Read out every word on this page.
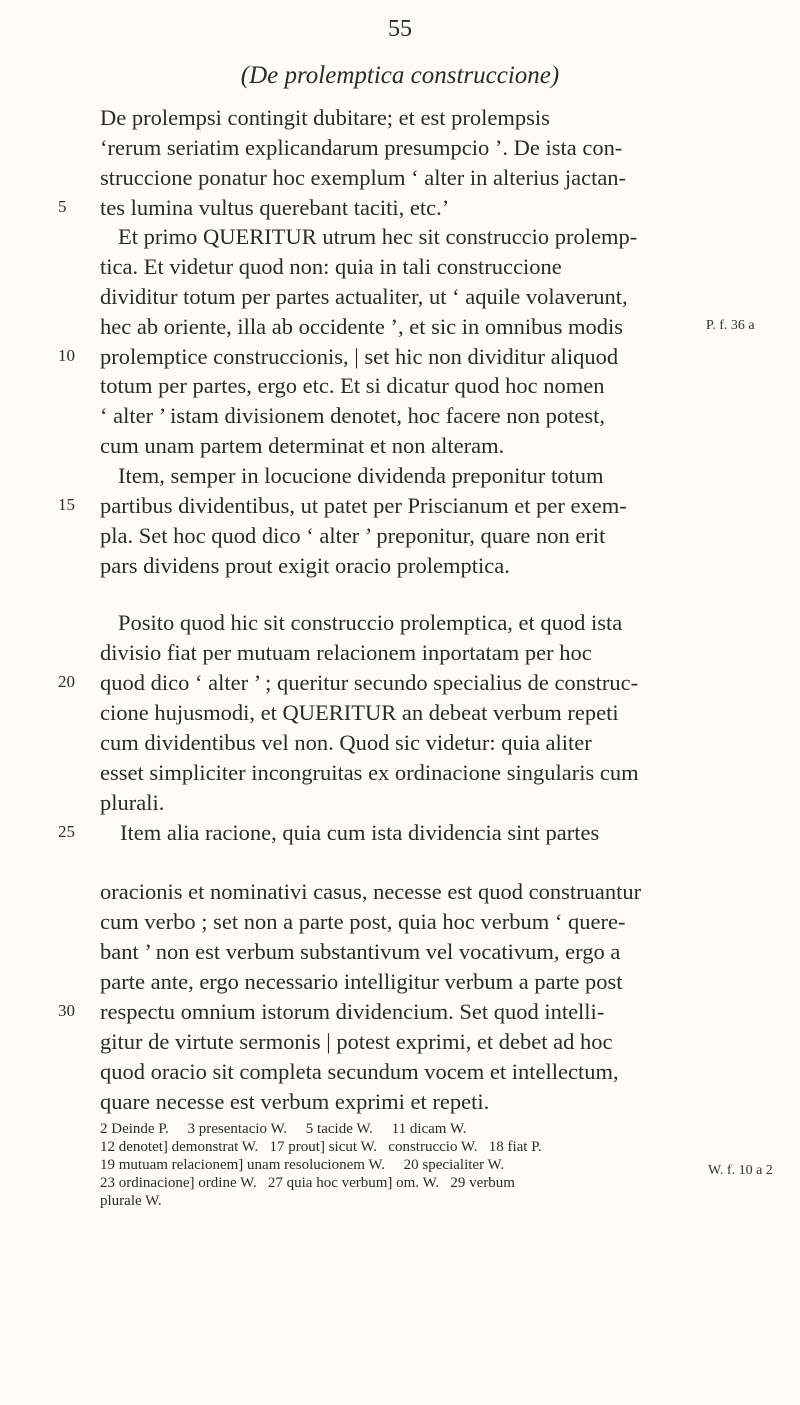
55
(De prolemptica construccione)
De prolempsi contingit dubitare; et est prolempsis
‘rerum seriatim explicandarum presumpcio ’. De ista con-
struccione ponatur hoc exemplum ‘ alter in alterius jactan-
tes lumina vultus querebant taciti, etc.’
5
Et primo QUERITUR utrum hec sit construccio prolemp-
tica. Et videtur quod non: quia in tali construccione
dividitur totum per partes actualiter, ut ‘ aquile volaverunt,
hec ab oriente, illa ab occidente ’, et sic in omnibus modis
prolemptice construccionis, | set hic non dividitur aliquod
10
totum per partes, ergo etc. Et si dicatur quod hoc nomen
‘ alter ’ istam divisionem denotet, hoc facere non potest,
cum unam partem determinat et non alteram.
Item, semper in locucione dividenda preponitur totum
partibus dividentibus, ut patet per Priscianum et per exem-
15
pla. Set hoc quod dico ‘ alter ’ preponitur, quare non erit
pars dividens prout exigit oracio prolemptica.
Posito quod hic sit construccio prolemptica, et quod ista
divisio fiat per mutuam relacionem inportatam per hoc
quod dico ‘ alter ’ ; queritur secundo specialius de construc-
20
cione hujusmodi, et QUERITUR an debeat verbum repeti
cum dividentibus vel non. Quod sic videtur: quia aliter
esset simpliciter incongruitas ex ordinacione singularis cum
plurali.
Item alia racione, quia cum ista dividencia sint partes
25
oracionis et nominativi casus, necesse est quod construantur
cum verbo ; set non a parte post, quia hoc verbum ‘ quere-
bant ’ non est verbum substantivum vel vocativum, ergo a
parte ante, ergo necessario intelligitur verbum a parte post
respectu omnium istorum dividencium. Set quod intelli-
30
gitur de virtute sermonis | potest exprimi, et debet ad hoc
quod oracio sit completa secundum vocem et intellectum,
quare necesse est verbum exprimi et repeti.
P. f. 36 a
W. f. 10 a 2
2 Deinde P.     3 presentacio W.     5 tacide W.     11 dicam W.
12 denotet] demonstrat W.   17 prout] sicut W.   construccio W.   18 fiat P.
19 mutuam relacionem] unam resolucionem W.     20 specialiter W.
23 ordinacione] ordine W.   27 quia hoc verbum] om. W.   29 verbum
plurale W.
